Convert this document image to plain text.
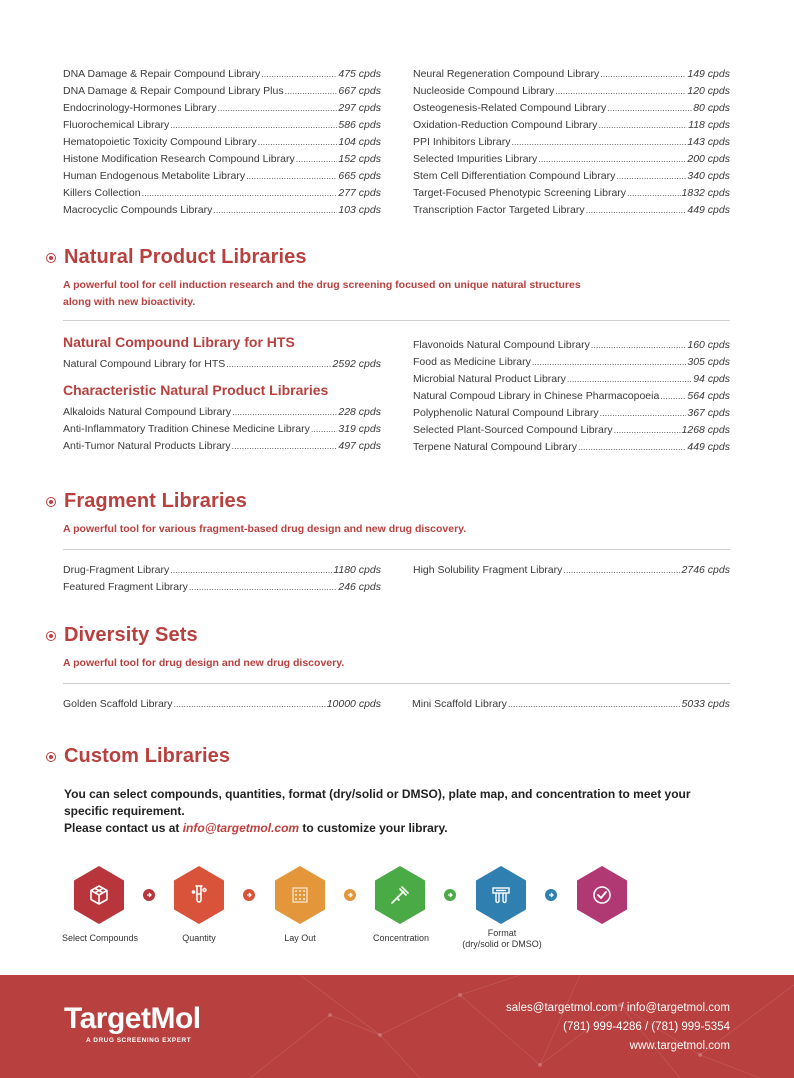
DNA Damage & Repair Compound Library .....	475 cpds
DNA Damage & Repair Compound Library Plus .....	667 cpds
Endocrinology-Hormones Library .....	297 cpds
Fluorochemical Library .....	586 cpds
Hematopoietic Toxicity Compound Library .....	104 cpds
Histone Modification Research Compound Library .....	152 cpds
Human Endogenous Metabolite Library .....	665 cpds
Killers Collection .....	277 cpds
Macrocyclic Compounds Library .....	103 cpds
Neural Regeneration Compound Library .....	149 cpds
Nucleoside Compound Library .....	120 cpds
Osteogenesis-Related Compound Library .....	80 cpds
Oxidation-Reduction Compound Library .....	118 cpds
PPI Inhibitors Library .....	143 cpds
Selected Impurities Library .....	200 cpds
Stem Cell Differentiation Compound Library .....	340 cpds
Target-Focused Phenotypic Screening Library .....	1832 cpds
Transcription Factor Targeted Library .....	449 cpds
Natural Product Libraries
A powerful tool for cell induction research and the drug screening focused on unique natural structures
along with new bioactivity.
Natural Compound Library for HTS
Natural Compound Library for HTS .....	2592 cpds
Characteristic Natural Product Libraries
Alkaloids Natural Compound Library .....	228 cpds
Anti-Inflammatory Tradition Chinese Medicine Library .....	319 cpds
Anti-Tumor Natural Products Library .....	497 cpds
Flavonoids Natural Compound Library .....	160 cpds
Food as Medicine Library .....	305 cpds
Microbial Natural Product Library .....	94 cpds
Natural Compoud Library in Chinese Pharmacopoeia .....	564 cpds
Polyphenolic Natural Compound Library .....	367 cpds
Selected Plant-Sourced Compound Library .....	1268 cpds
Terpene Natural Compound Library .....	449 cpds
Fragment Libraries
A powerful tool for various fragment-based drug design and new drug discovery.
Drug-Fragment Library .....	1180 cpds
Featured Fragment Library .....	246 cpds
High Solubility Fragment Library .....	2746 cpds
Diversity Sets
A powerful tool for drug design and new drug discovery.
Golden Scaffold Library .....	10000 cpds	Mini Scaffold Library .....	5033 cpds
Custom Libraries
You can select compounds, quantities, format (dry/solid or DMSO), plate map, and concentration to meet your
specific requirement.
Please contact us at info@targetmol.com to customize your library.
Select Compounds	Quantity	Lay Out	Concentration	Format
(dry/solid or DMSO)
TargetMol
A DRUG SCREENING EXPERT
sales@targetmol.com / info@targetmol.com
(781) 999-4286 / (781) 999-5354
www.targetmol.com
